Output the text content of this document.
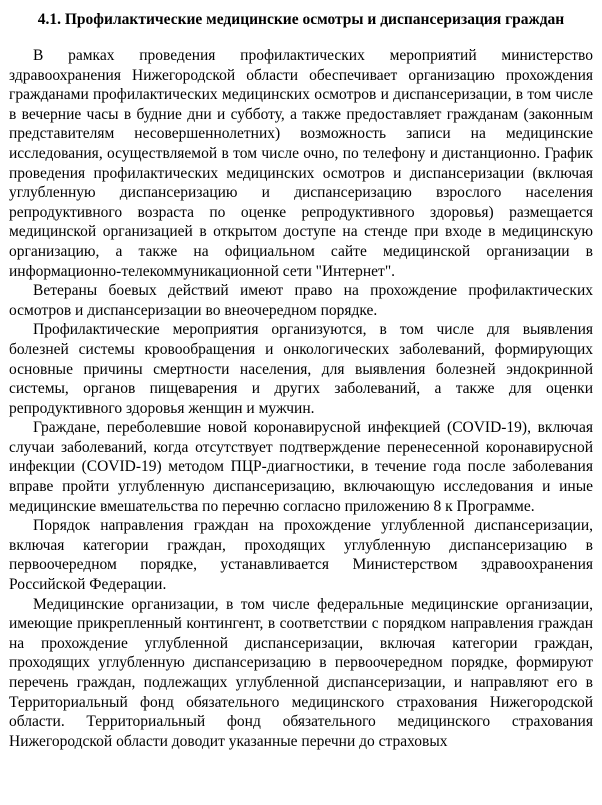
4.1. Профилактические медицинские осмотры и диспансеризация граждан

В рамках проведения профилактических мероприятий министерство здравоохранения Нижегородской области обеспечивает организацию прохождения гражданами профилактических медицинских осмотров и диспансеризации, в том числе в вечерние часы в будние дни и субботу, а также предоставляет гражданам (законным представителям несовершеннолетних) возможность записи на медицинские исследования, осуществляемой в том числе очно, по телефону и дистанционно. График проведения профилактических медицинских осмотров и диспансеризации (включая углубленную диспансеризацию и диспансеризацию взрослого населения репродуктивного возраста по оценке репродуктивного здоровья) размещается медицинской организацией в открытом доступе на стенде при входе в медицинскую организацию, а также на официальном сайте медицинской организации в информационно-телекоммуникационной сети "Интернет".

Ветераны боевых действий имеют право на прохождение профилактических осмотров и диспансеризации во внеочередном порядке.

Профилактические мероприятия организуются, в том числе для выявления болезней системы кровообращения и онкологических заболеваний, формирующих основные причины смертности населения, для выявления болезней эндокринной системы, органов пищеварения и других заболеваний, а также для оценки репродуктивного здоровья женщин и мужчин.

Граждане, переболевшие новой коронавирусной инфекцией (COVID-19), включая случаи заболеваний, когда отсутствует подтверждение перенесенной коронавирусной инфекции (COVID-19) методом ПЦР-диагностики, в течение года после заболевания вправе пройти углубленную диспансеризацию, включающую исследования и иные медицинские вмешательства по перечню согласно приложению 8 к Программе.

Порядок направления граждан на прохождение углубленной диспансеризации, включая категории граждан, проходящих углубленную диспансеризацию в первоочередном порядке, устанавливается Министерством здравоохранения Российской Федерации.

Медицинские организации, в том числе федеральные медицинские организации, имеющие прикрепленный контингент, в соответствии с порядком направления граждан на прохождение углубленной диспансеризации, включая категории граждан, проходящих углубленную диспансеризацию в первоочередном порядке, формируют перечень граждан, подлежащих углубленной диспансеризации, и направляют его в Территориальный фонд обязательного медицинского страхования Нижегородской области. Территориальный фонд обязательного медицинского страхования Нижегородской области доводит указанные перечни до страховых
